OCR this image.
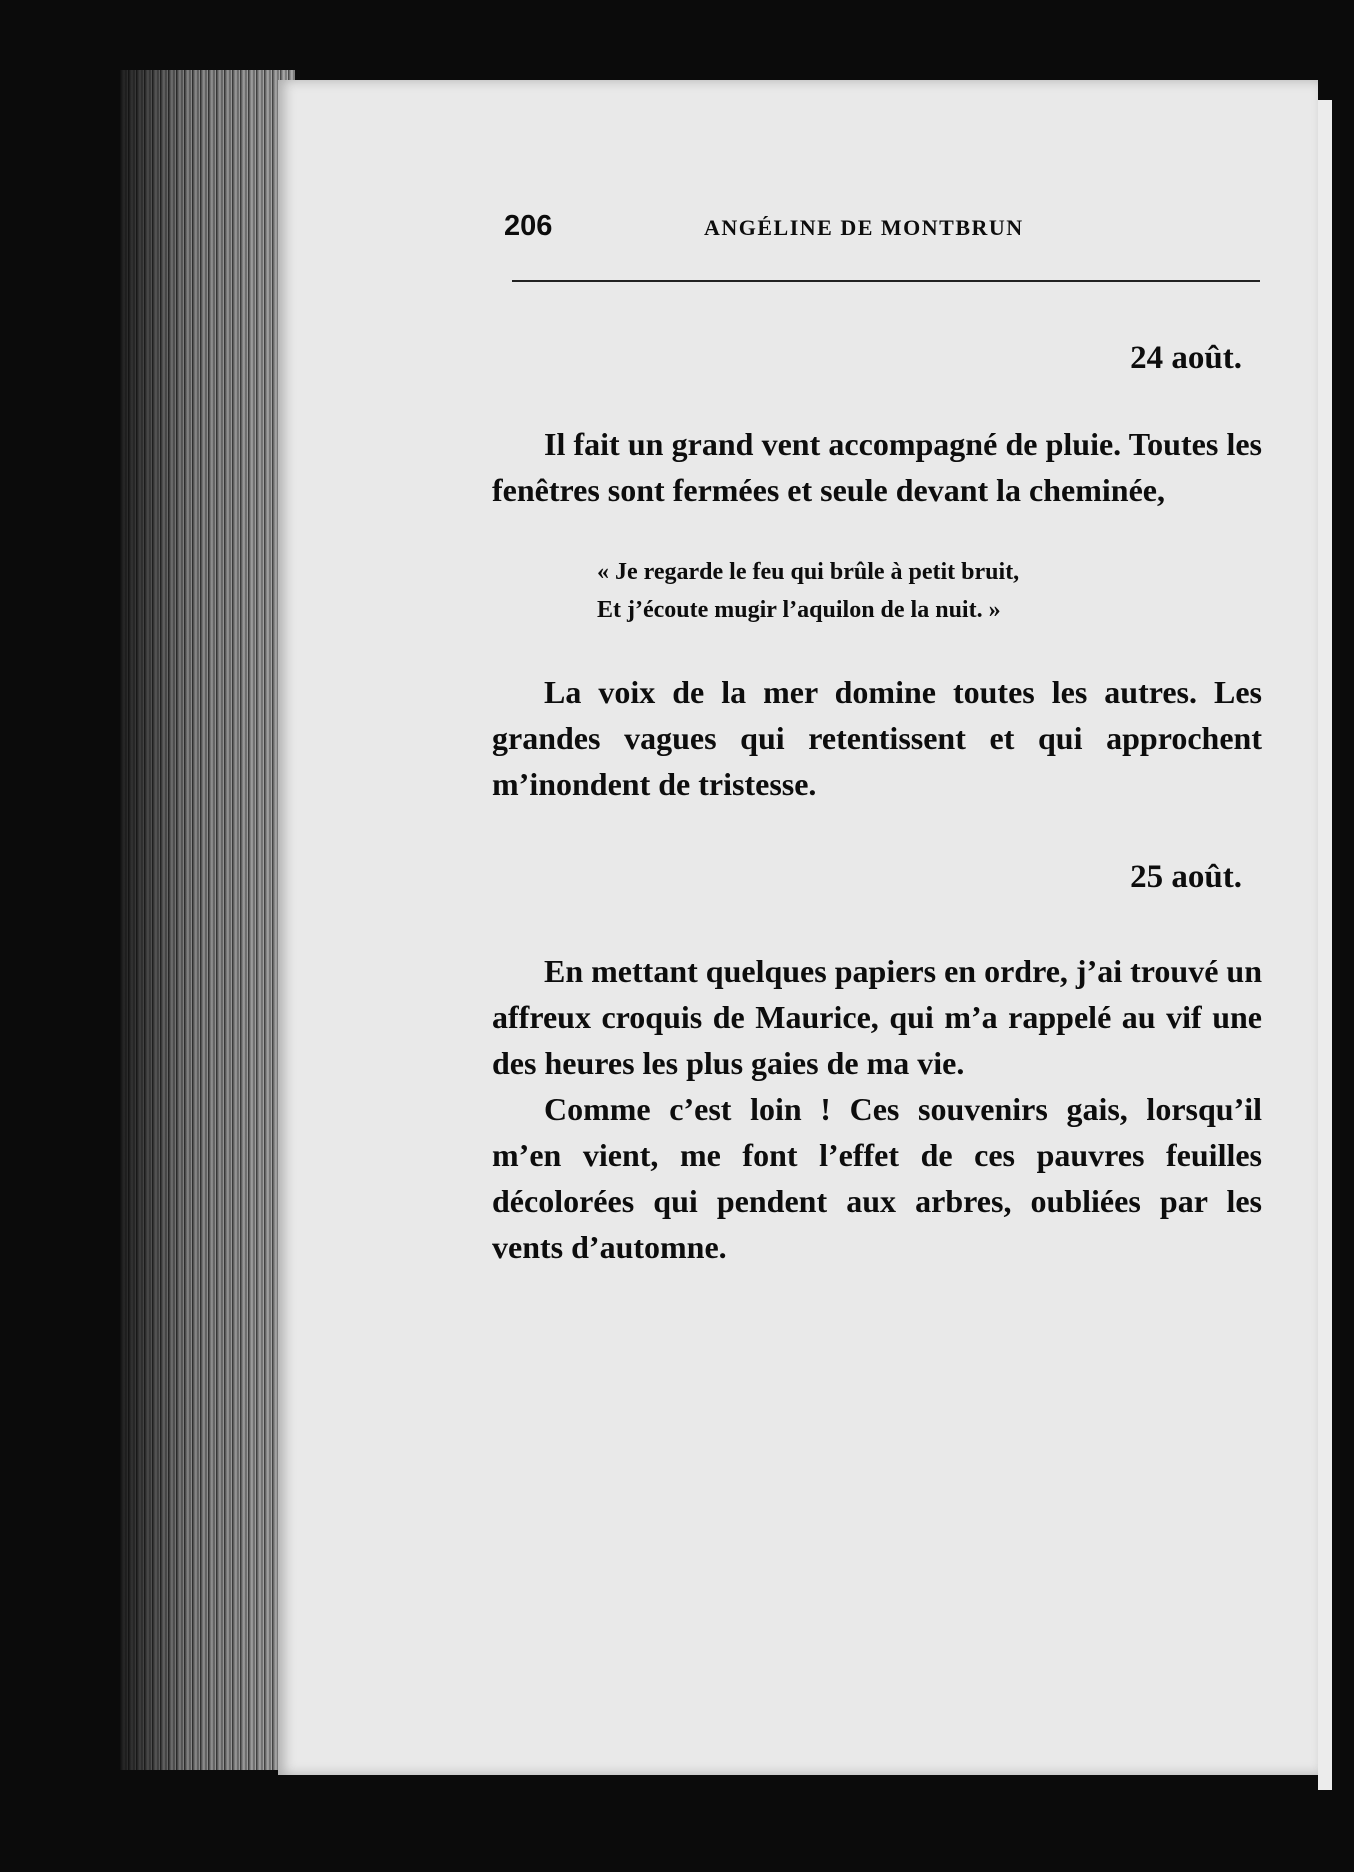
206	ANGÉLINE DE MONTBRUN
24 août.

Il fait un grand vent accompagné de pluie. Toutes les fenêtres sont fermées et seule devant la cheminée,

« Je regarde le feu qui brûle à petit bruit,
Et j’écoute mugir l’aquilon de la nuit. »

La voix de la mer domine toutes les autres. Les grandes vagues qui retentissent et qui approchent m’inondent de tristesse.

25 août.

En mettant quelques papiers en ordre, j’ai trouvé un affreux croquis de Maurice, qui m’a rappelé au vif une des heures les plus gaies de ma vie.

Comme c’est loin ! Ces souvenirs gais, lorsqu’il m’en vient, me font l’effet de ces pauvres feuilles décolorées qui pendent aux arbres, oubliées par les vents d’automne.
